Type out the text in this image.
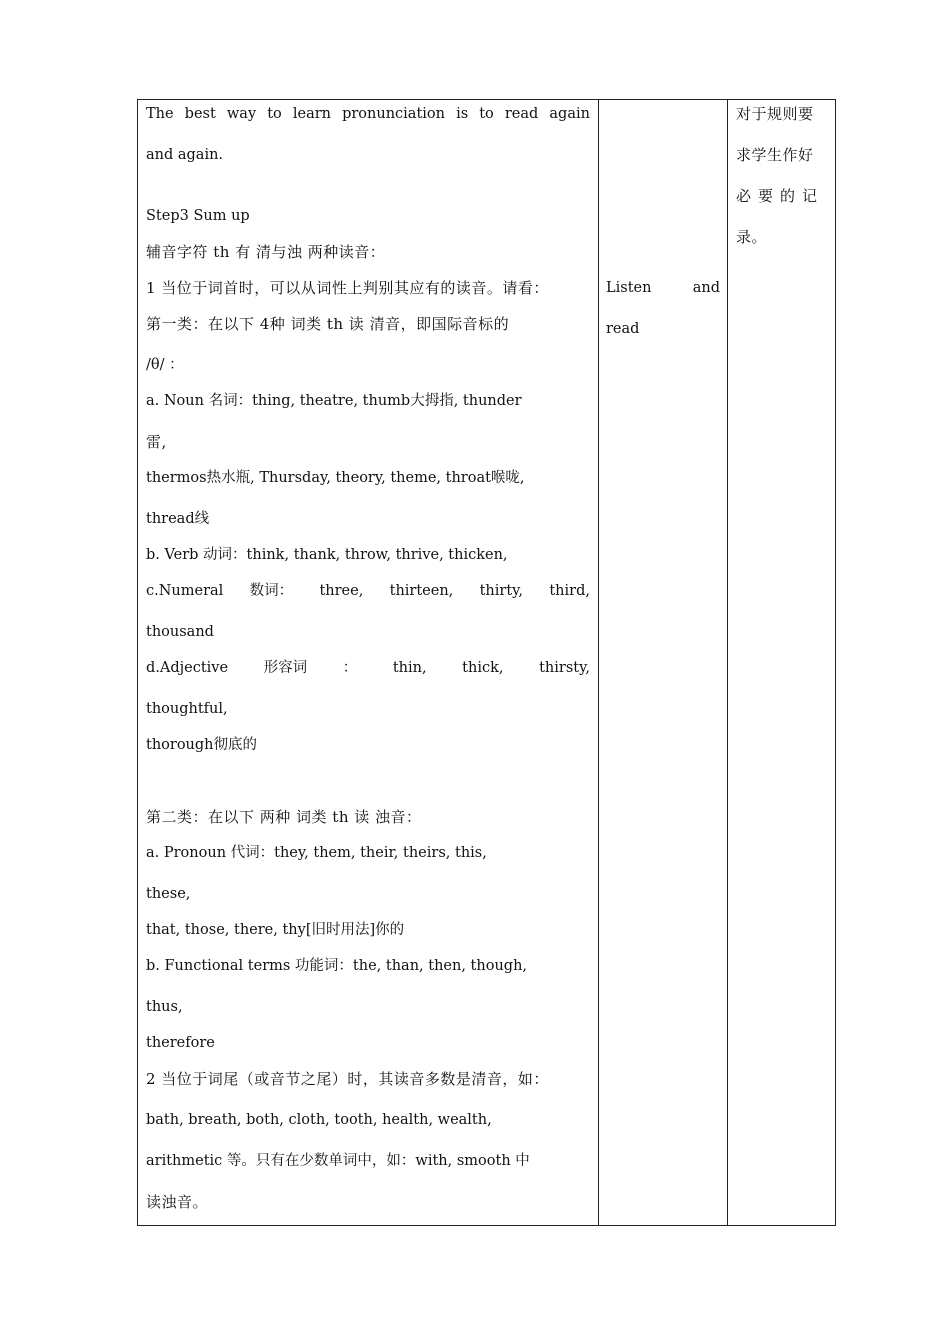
The best way to learn pronunciation is to read again
and again.
Step3 Sum up
辅音字符 th 有 清与浊 两种读音：
1 当位于词首时，可以从词性上判别其应有的读音。请看：
第一类：在以下 4种 词类 th 读 清音，即国际音标的
/θ/ ：
a. Noun 名词：thing, theatre, thumb大拇指, thunder
雷,
thermos热水瓶, Thursday, theory, theme, throat喉咙,
thread线
b. Verb 动词：think, thank, throw, thrive, thicken,
c.Numeral 数词： three, thirteen, thirty, third,
thousand
d.Adjective 形容词 ： thin, thick, thirsty,
thoughtful,
thorough彻底的
第二类：在以下 两种 词类 th 读 浊音：
a. Pronoun 代词：they, them, their, theirs, this,
these,
that, those, there, thy[旧时用法]你的
b. Functional terms 功能词：the, than, then, though,
thus,
therefore
2 当位于词尾（或音节之尾）时，其读音多数是清音，如：
bath, breath, both, cloth, tooth, health, wealth,
arithmetic 等。只有在少数单词中，如：with, smooth 中
读浊音。
Listen	and
read
对于规则要
求学生作好
必要的记
录。
